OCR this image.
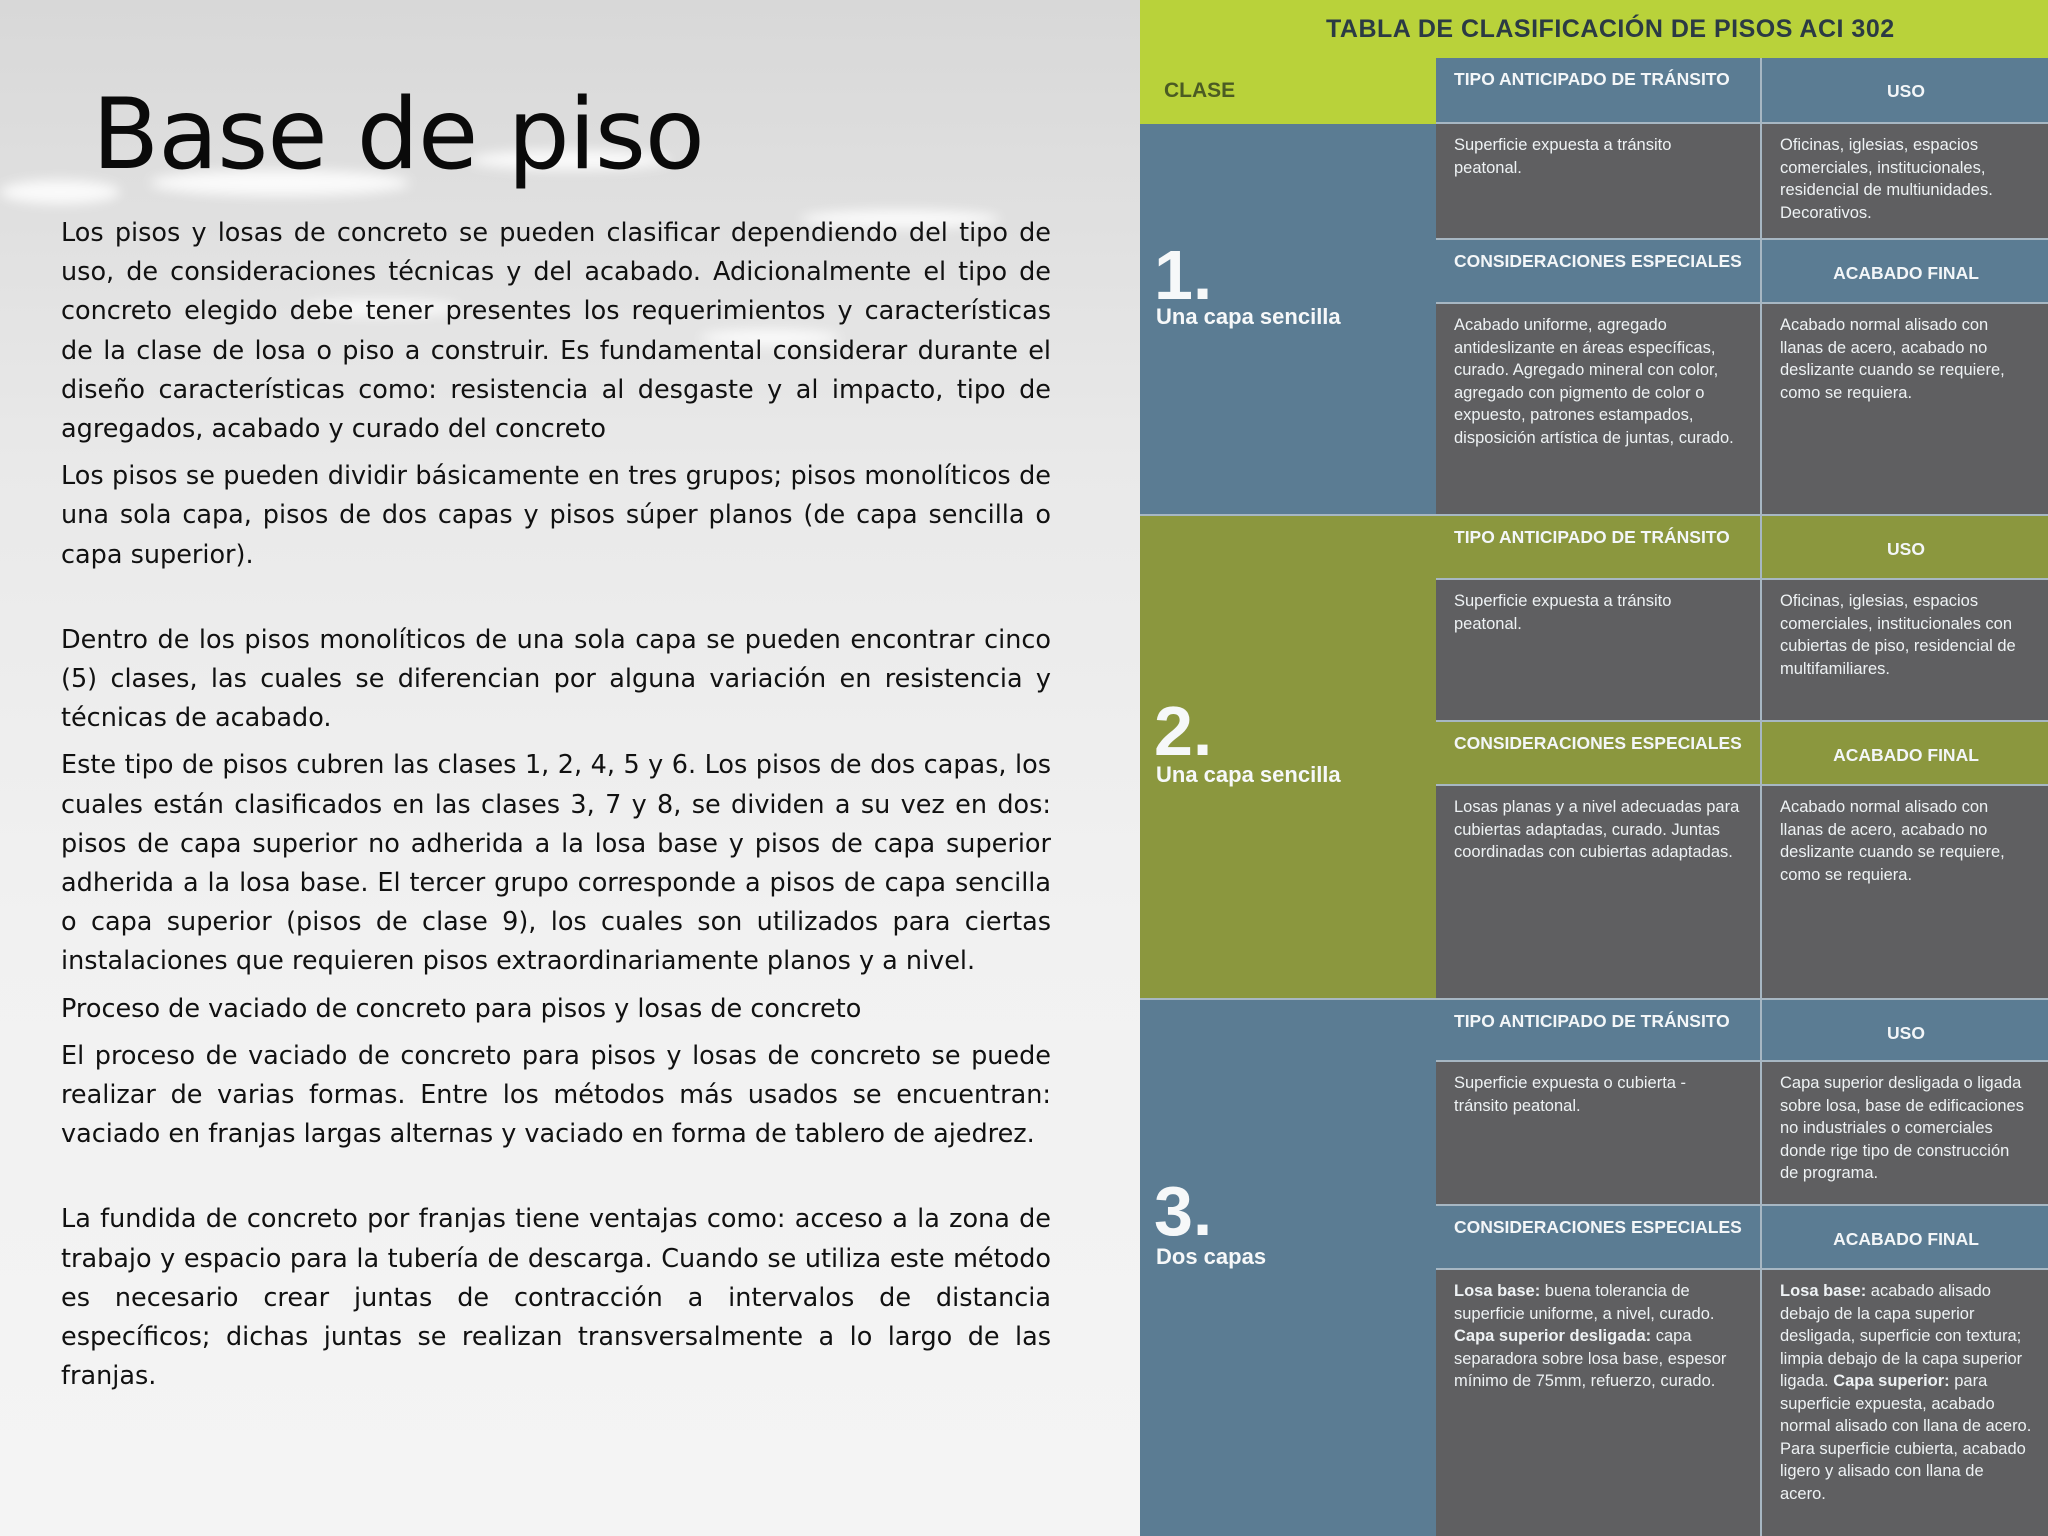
Base de piso

Los pisos y losas de concreto se pueden clasificar dependiendo del tipo de uso, de consideraciones técnicas y del acabado. Adicionalmente el tipo de concreto elegido debe tener presentes los requerimientos y características de la clase de losa o piso a construir. Es fundamental considerar durante el diseño características como: resistencia al desgaste y al impacto, tipo de agregados, acabado y curado del concreto

Los pisos se pueden dividir básicamente en tres grupos; pisos monolíticos de una sola capa, pisos de dos capas y pisos súper planos (de capa sencilla o capa superior).

Dentro de los pisos monolíticos de una sola capa se pueden encontrar cinco (5) clases, las cuales se diferencian por alguna variación en resistencia y técnicas de acabado.

Este tipo de pisos cubren las clases 1, 2, 4, 5 y 6. Los pisos de dos capas, los cuales están clasificados en las clases 3, 7 y 8, se dividen a su vez en dos: pisos de capa superior no adherida a la losa base y pisos de capa superior adherida a la losa base. El tercer grupo corresponde a pisos de capa sencilla o capa superior (pisos de clase 9), los cuales son utilizados para ciertas instalaciones que requieren pisos extraordinariamente planos y a nivel.

Proceso de vaciado de concreto para pisos y losas de concreto

El proceso de vaciado de concreto para pisos y losas de concreto se puede realizar de varias formas. Entre los métodos más usados se encuentran: vaciado en franjas largas alternas y vaciado en forma de tablero de ajedrez.

La fundida de concreto por franjas tiene ventajas como: acceso a la zona de trabajo y espacio para la tubería de descarga. Cuando se utiliza este método es necesario crear juntas de contracción a intervalos de distancia específicos; dichas juntas se realizan transversalmente a lo largo de las franjas.

TABLA DE CLASIFICACIÓN DE PISOS ACI 302
CLASE	TIPO ANTICIPADO DE TRÁNSITO
USO
1.
Una capa sencilla
Superficie expuesta a tránsito peatonal.
Oficinas, iglesias, espacios comerciales, institucionales, residencial de multiunidades. Decorativos.
CONSIDERACIONES ESPECIALES
ACABADO FINAL
Acabado uniforme, agregado antideslizante en áreas específicas, curado. Agregado mineral con color, agregado con pigmento de color o expuesto, patrones estampados, disposición artística de juntas, curado.
Acabado normal alisado con llanas de acero, acabado no deslizante cuando se requiere, como se requiera.
2.
Una capa sencilla
TIPO ANTICIPADO DE TRÁNSITO
USO
Superficie expuesta a tránsito peatonal.
Oficinas, iglesias, espacios comerciales, institucionales con cubiertas de piso, residencial de multifamiliares.
CONSIDERACIONES ESPECIALES
ACABADO FINAL
Losas planas y a nivel adecuadas para cubiertas adaptadas, curado. Juntas coordinadas con cubiertas adaptadas.
Acabado normal alisado con llanas de acero, acabado no deslizante cuando se requiere, como se requiera.
3.
Dos capas
TIPO ANTICIPADO DE TRÁNSITO
USO
Superficie expuesta o cubierta - tránsito peatonal.
Capa superior desligada o ligada sobre losa, base de edificaciones no industriales o comerciales donde rige tipo de construcción de programa.
CONSIDERACIONES ESPECIALES
ACABADO FINAL
Losa base: buena tolerancia de superficie uniforme, a nivel, curado. Capa superior desligada: capa separadora sobre losa base, espesor mínimo de 75mm, refuerzo, curado.
Losa base: acabado alisado debajo de la capa superior desligada, superficie con textura; limpia debajo de la capa superior ligada. Capa superior: para superficie expuesta, acabado normal alisado con llana de acero. Para superficie cubierta, acabado ligero y alisado con llana de acero.
